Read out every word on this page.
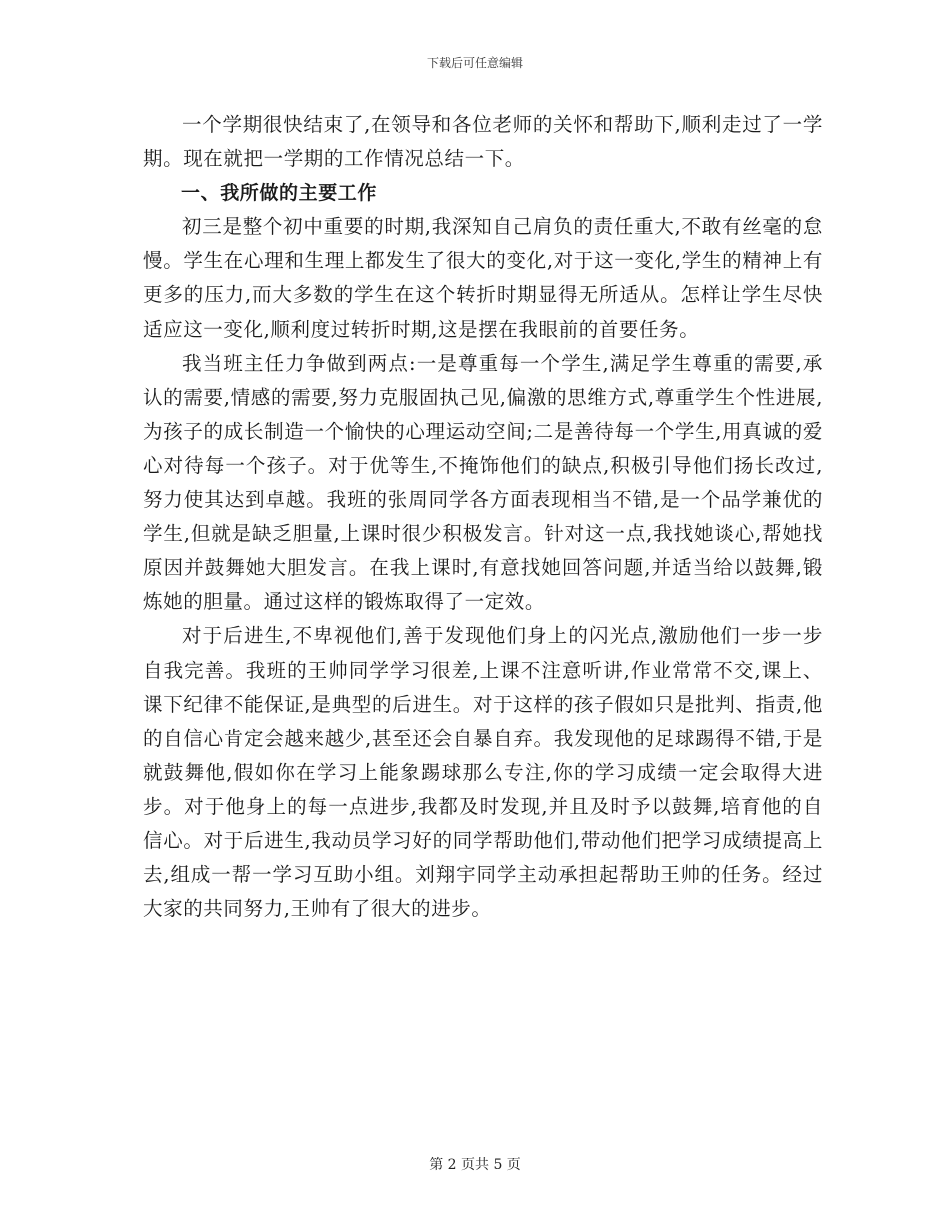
下载后可任意编辑

一个学期很快结束了,在领导和各位老师的关怀和帮助下,顺利走过了一学期。现在就把一学期的工作情况总结一下。

一、我所做的主要工作

初三是整个初中重要的时期,我深知自己肩负的责任重大,不敢有丝毫的怠慢。学生在心理和生理上都发生了很大的变化,对于这一变化,学生的精神上有更多的压力,而大多数的学生在这个转折时期显得无所适从。怎样让学生尽快适应这一变化,顺利度过转折时期,这是摆在我眼前的首要任务。

我当班主任力争做到两点:一是尊重每一个学生,满足学生尊重的需要,承认的需要,情感的需要,努力克服固执己见,偏激的思维方式,尊重学生个性进展,为孩子的成长制造一个愉快的心理运动空间;二是善待每一个学生,用真诚的爱心对待每一个孩子。对于优等生,不掩饰他们的缺点,积极引导他们扬长改过,努力使其达到卓越。我班的张周同学各方面表现相当不错,是一个品学兼优的学生,但就是缺乏胆量,上课时很少积极发言。针对这一点,我找她谈心,帮她找原因并鼓舞她大胆发言。在我上课时,有意找她回答问题,并适当给以鼓舞,锻炼她的胆量。通过这样的锻炼取得了一定效。

对于后进生,不卑视他们,善于发现他们身上的闪光点,激励他们一步一步自我完善。我班的王帅同学学习很差,上课不注意听讲,作业常常不交,课上、课下纪律不能保证,是典型的后进生。对于这样的孩子假如只是批判、指责,他的自信心肯定会越来越少,甚至还会自暴自弃。我发现他的足球踢得不错,于是就鼓舞他,假如你在学习上能象踢球那么专注,你的学习成绩一定会取得大进步。对于他身上的每一点进步,我都及时发现,并且及时予以鼓舞,培育他的自信心。对于后进生,我动员学习好的同学帮助他们,带动他们把学习成绩提高上去,组成一帮一学习互助小组。刘翔宇同学主动承担起帮助王帅的任务。经过大家的共同努力,王帅有了很大的进步。

第 2 页共 5 页
